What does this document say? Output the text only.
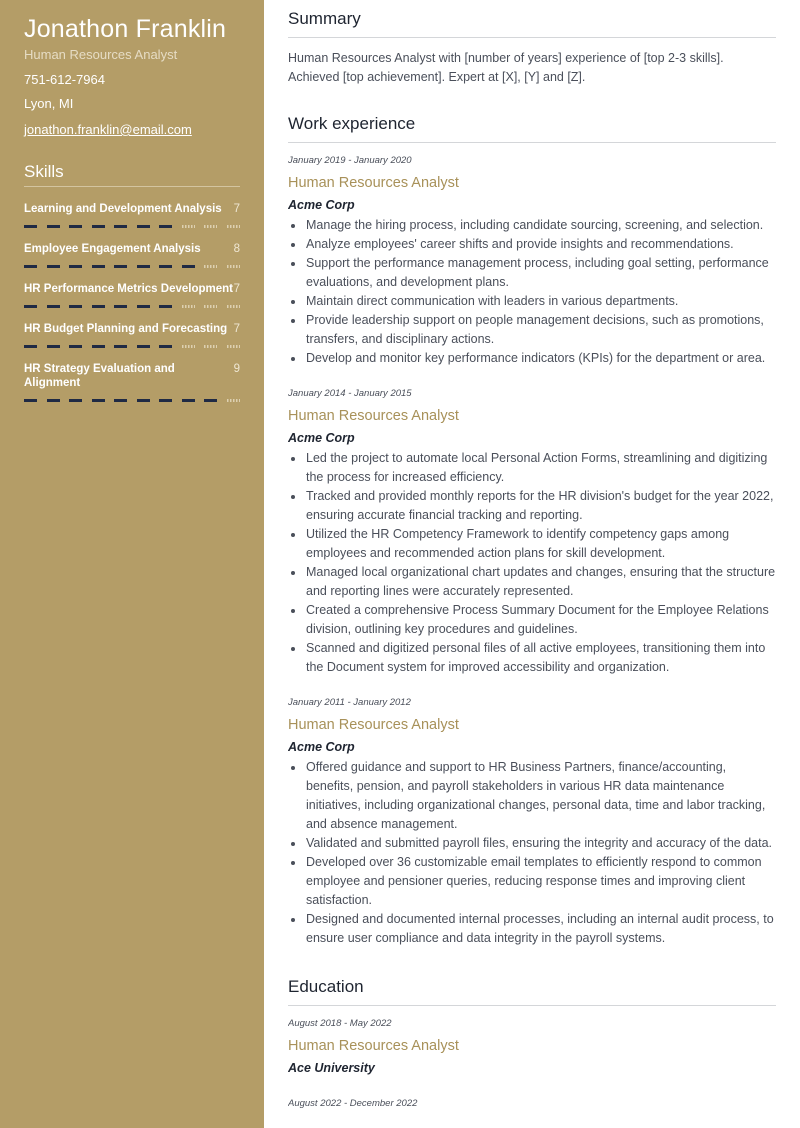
Jonathon Franklin
Human Resources Analyst
751-612-7964
Lyon, MI
jonathon.franklin@email.com
Skills
Learning and Development Analysis 7
Employee Engagement Analysis	8
HR Performance Metrics Development 7
HR Budget Planning and Forecasting 7
HR Strategy Evaluation and Alignment
9
Summary
Human Resources Analyst with [number of years] experience of [top 2-3 skills]. Achieved [top achievement]. Expert at [X], [Y] and [Z].
Work experience
January 2019 - January 2020
Human Resources Analyst
Acme Corp
Manage the hiring process, including candidate sourcing, screening, and selection.
Analyze employees' career shifts and provide insights and recommendations.
Support the performance management process, including goal setting, performance evaluations, and development plans.
Maintain direct communication with leaders in various departments.
Provide leadership support on people management decisions, such as promotions, transfers, and disciplinary actions.
Develop and monitor key performance indicators (KPIs) for the department or area.
January 2014 - January 2015
Human Resources Analyst
Acme Corp
Led the project to automate local Personal Action Forms, streamlining and digitizing the process for increased efficiency.
Tracked and provided monthly reports for the HR division's budget for the year 2022, ensuring accurate financial tracking and reporting.
Utilized the HR Competency Framework to identify competency gaps among employees and recommended action plans for skill development.
Managed local organizational chart updates and changes, ensuring that the structure and reporting lines were accurately represented.
Created a comprehensive Process Summary Document for the Employee Relations division, outlining key procedures and guidelines.
Scanned and digitized personal files of all active employees, transitioning them into the Document system for improved accessibility and organization.
January 2011 - January 2012
Human Resources Analyst
Acme Corp
Offered guidance and support to HR Business Partners, finance/accounting, benefits, pension, and payroll stakeholders in various HR data maintenance initiatives, including organizational changes, personal data, time and labor tracking, and absence management.
Validated and submitted payroll files, ensuring the integrity and accuracy of the data.
Developed over 36 customizable email templates to efficiently respond to common employee and pensioner queries, reducing response times and improving client satisfaction.
Designed and documented internal processes, including an internal audit process, to ensure user compliance and data integrity in the payroll systems.
Education
August 2018 - May 2022
Human Resources Analyst
Ace University
August 2022 - December 2022
